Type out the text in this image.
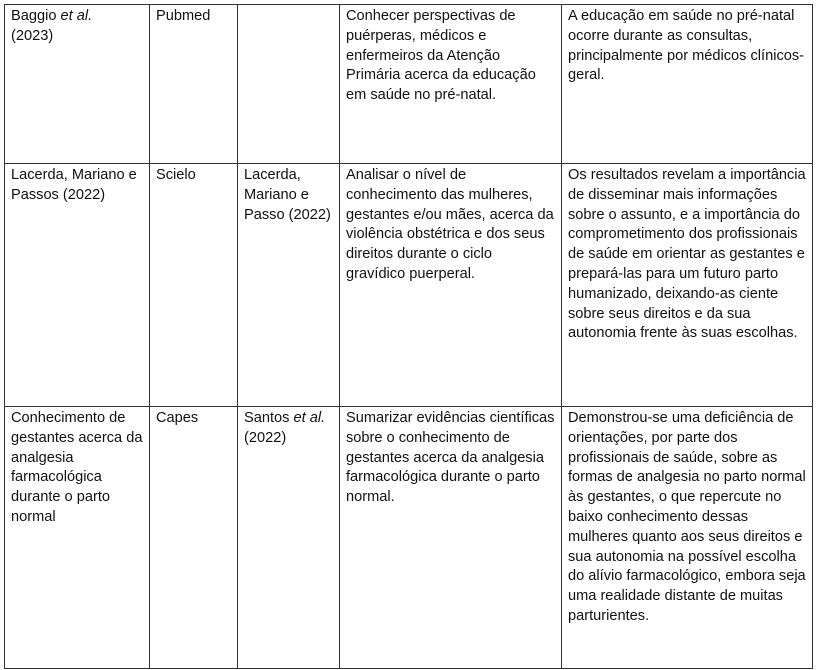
Baggio et al.
(2023)	Pubmed		Conhecer perspectivas de puérperas, médicos e enfermeiros da Atenção Primária acerca da educação em saúde no pré-natal.	A educação em saúde no pré-natal ocorre durante as consultas, principalmente por médicos clínicos-geral.
Lacerda, Mariano e Passos (2022)	Scielo	Lacerda, Mariano e Passo (2022)	Analisar o nível de conhecimento das mulheres, gestantes e/ou mães, acerca da violência obstétrica e dos seus direitos durante o ciclo gravídico puerperal.	Os resultados revelam a importância de disseminar mais informações sobre o assunto, e a importância do comprometimento dos profissionais de saúde em orientar as gestantes e prepará-las para um futuro parto humanizado, deixando-as ciente sobre seus direitos e da sua autonomia frente às suas escolhas.
Conhecimento de gestantes acerca da analgesia farmacológica durante o parto normal	Capes	Santos et al. (2022)	Sumarizar evidências científicas sobre o conhecimento de gestantes acerca da analgesia farmacológica durante o parto normal.	Demonstrou-se uma deficiência de orientações, por parte dos profissionais de saúde, sobre as formas de analgesia no parto normal às gestantes, o que repercute no baixo conhecimento dessas mulheres quanto aos seus direitos e sua autonomia na possível escolha do alívio farmacológico, embora seja uma realidade distante de muitas parturientes.
